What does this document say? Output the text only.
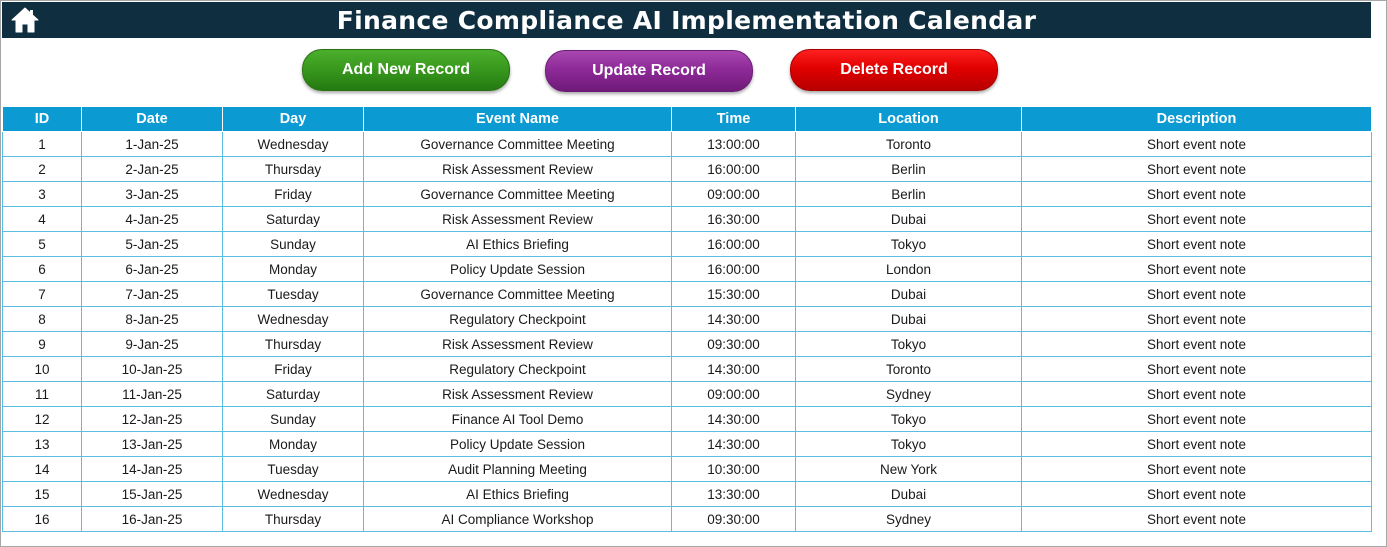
Finance Compliance AI Implementation Calendar
Add New Record	Update Record	Delete Record
ID	Date	Day	Event Name	Time	Location	Description
1	1-Jan-25	Wednesday	Governance Committee Meeting	13:00:00	Toronto	Short event note
2	2-Jan-25	Thursday	Risk Assessment Review	16:00:00	Berlin	Short event note
3	3-Jan-25	Friday	Governance Committee Meeting	09:00:00	Berlin	Short event note
4	4-Jan-25	Saturday	Risk Assessment Review	16:30:00	Dubai	Short event note
5	5-Jan-25	Sunday	AI Ethics Briefing	16:00:00	Tokyo	Short event note
6	6-Jan-25	Monday	Policy Update Session	16:00:00	London	Short event note
7	7-Jan-25	Tuesday	Governance Committee Meeting	15:30:00	Dubai	Short event note
8	8-Jan-25	Wednesday	Regulatory Checkpoint	14:30:00	Dubai	Short event note
9	9-Jan-25	Thursday	Risk Assessment Review	09:30:00	Tokyo	Short event note
10	10-Jan-25	Friday	Regulatory Checkpoint	14:30:00	Toronto	Short event note
11	11-Jan-25	Saturday	Risk Assessment Review	09:00:00	Sydney	Short event note
12	12-Jan-25	Sunday	Finance AI Tool Demo	14:30:00	Tokyo	Short event note
13	13-Jan-25	Monday	Policy Update Session	14:30:00	Tokyo	Short event note
14	14-Jan-25	Tuesday	Audit Planning Meeting	10:30:00	New York	Short event note
15	15-Jan-25	Wednesday	AI Ethics Briefing	13:30:00	Dubai	Short event note
16	16-Jan-25	Thursday	AI Compliance Workshop	09:30:00	Sydney	Short event note
